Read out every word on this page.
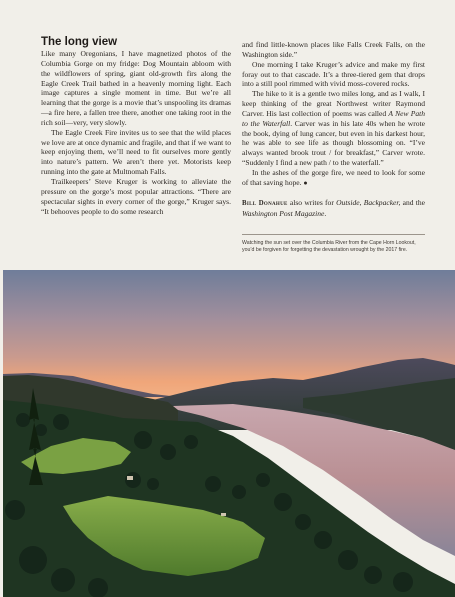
The long view

Like many Oregonians, I have magnetized photos of the Columbia Gorge on my fridge: Dog Mountain abloom with the wildflowers of spring, giant old-growth firs along the Eagle Creek Trail bathed in a heavenly morning light. Each image captures a single moment in time. But we’re all learning that the gorge is a movie that’s unspooling its dramas—a fire here, a fallen tree there, another one taking root in the rich soil—very, very slowly.

The Eagle Creek Fire invites us to see that the wild places we love are at once dynamic and fragile, and that if we want to keep enjoying them, we’ll need to fit ourselves more gently into nature’s pattern. We aren’t there yet. Motorists keep running into the gate at Multnomah Falls.

Trailkeepers’ Steve Kruger is working to alleviate the pressure on the gorge’s most popular attractions. “There are spectacular sights in every corner of the gorge,” Kruger says. “It behooves people to do some research

and find little-known places like Falls Creek Falls, on the Washington side.”

One morning I take Kruger’s advice and make my first foray out to that cascade. It’s a three-tiered gem that drops into a still pool rimmed with vivid moss-covered rocks.

The hike to it is a gentle two miles long, and as I walk, I keep thinking of the great Northwest writer Raymond Carver. His last collection of poems was called A New Path to the Waterfall. Carver was in his late 40s when he wrote the book, dying of lung cancer, but even in his darkest hour, he was able to see life as though blossoming on. “I’ve always wanted brook trout / for breakfast,” Carver wrote. “Suddenly I find a new path / to the waterfall.”

In the ashes of the gorge fire, we need to look for some of that saving hope. ●

Bill Donahue also writes for Outside, Backpacker, and the Washington Post Magazine.

Watching the sun set over the Columbia River from the Cape Horn Lookout, you’d be forgiven for forgetting the devastation wrought by the 2017 fire.
